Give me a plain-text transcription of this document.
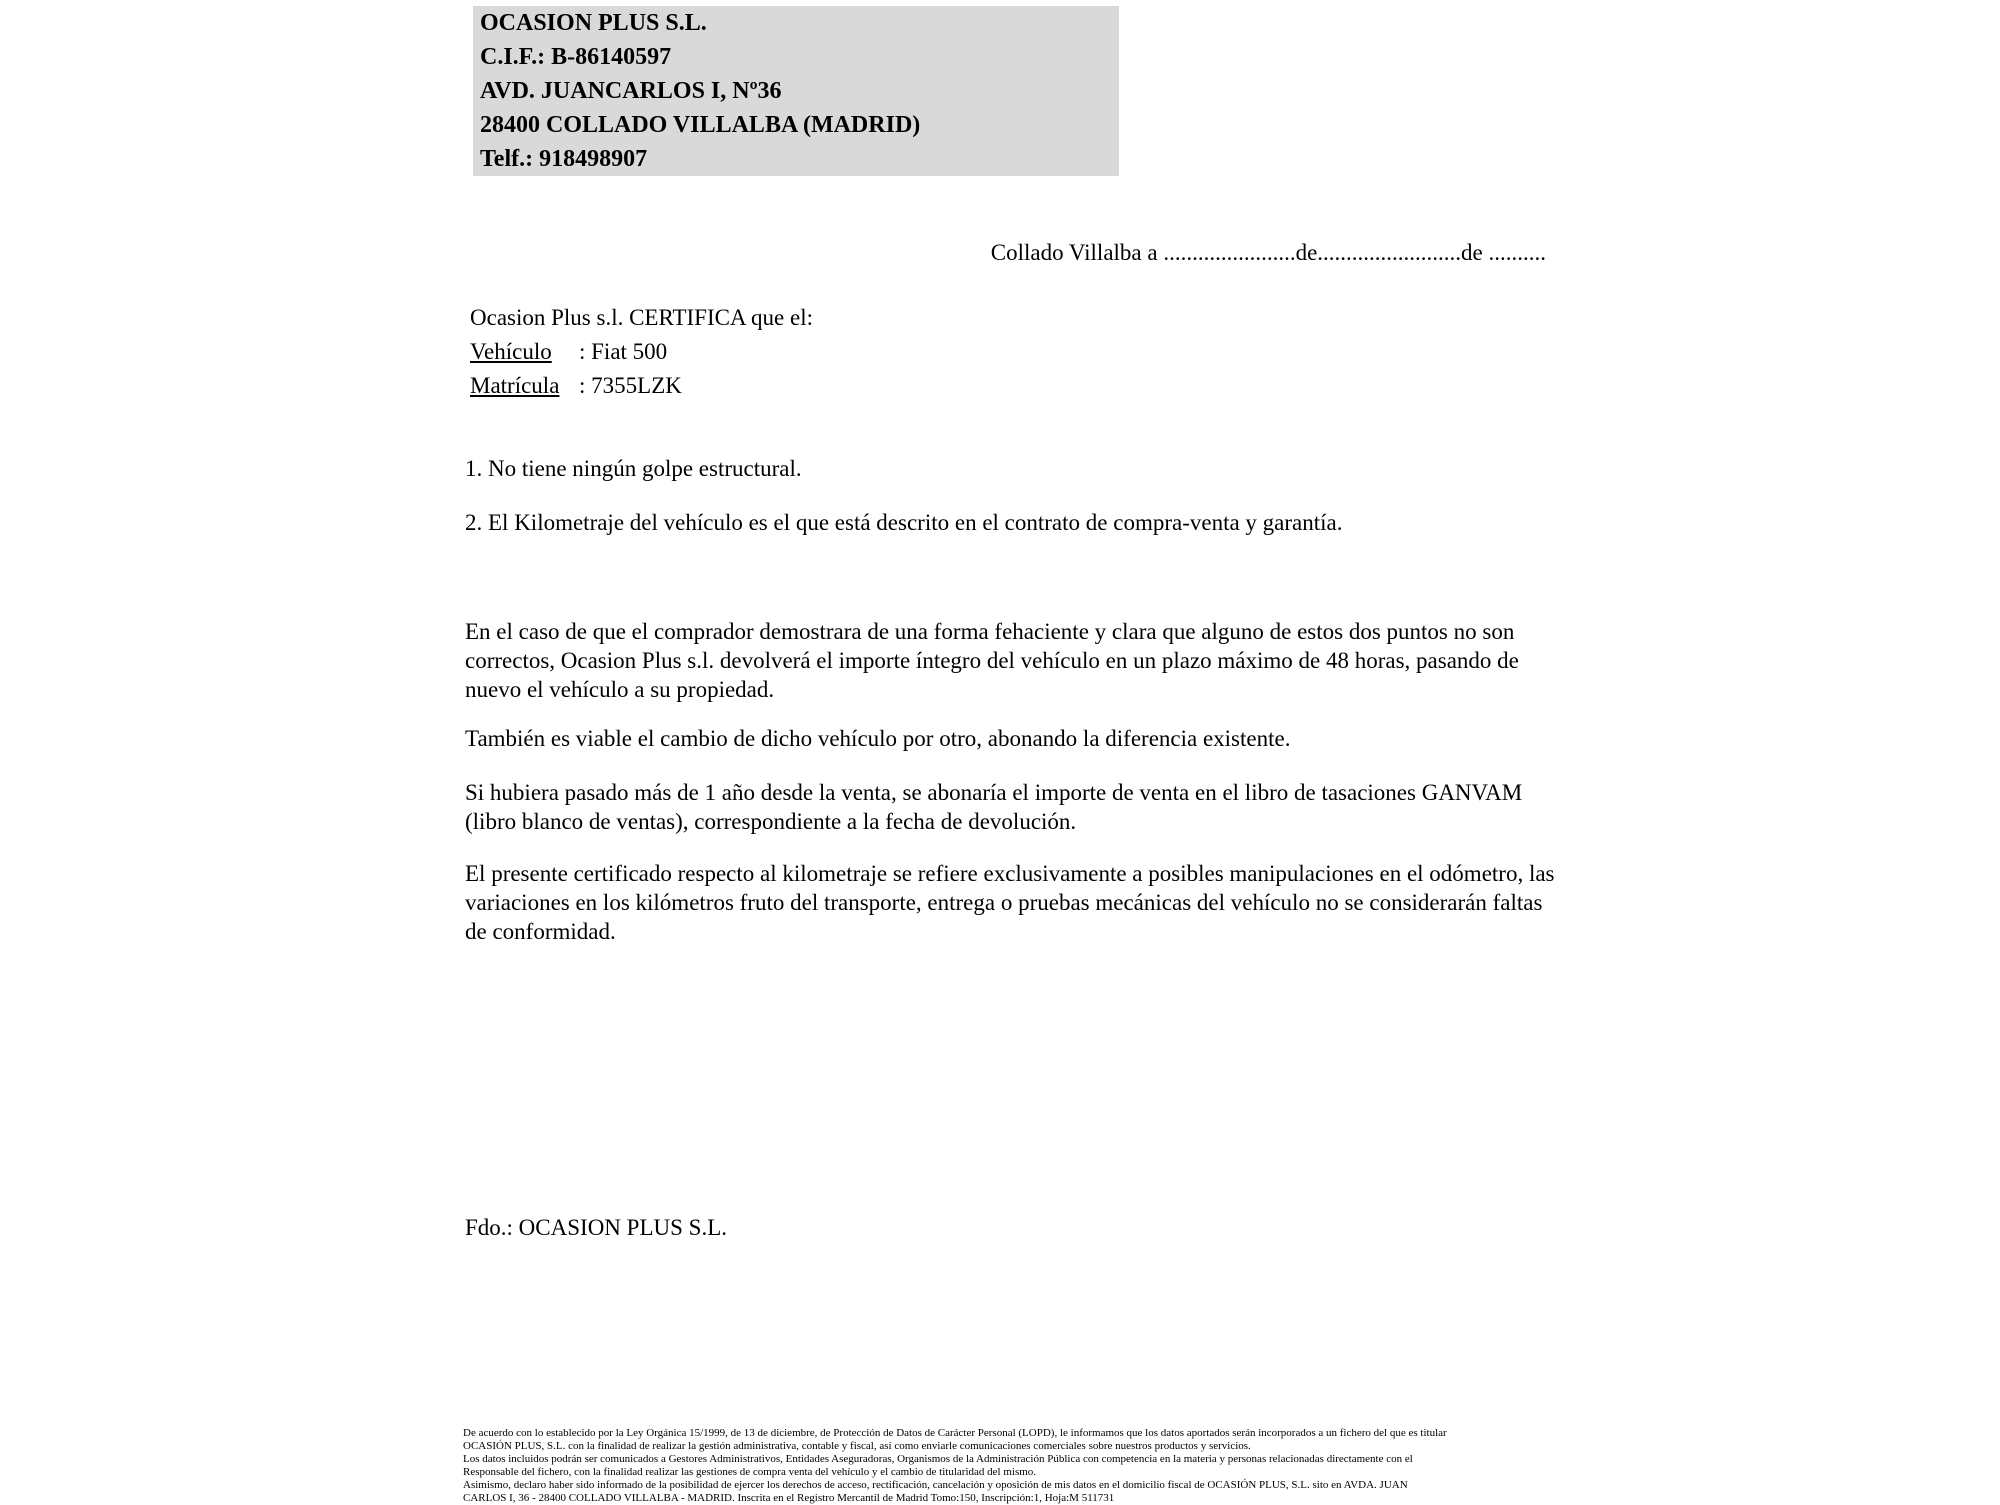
OCASION PLUS S.L.
C.I.F.: B-86140597
AVD. JUANCARLOS I, Nº36
28400 COLLADO VILLALBA (MADRID)
Telf.: 918498907
Collado Villalba a .......................de.........................de ..........
Ocasion Plus s.l. CERTIFICA que el:
Vehículo : Fiat 500
Matrícula : 7355LZK
1. No tiene ningún golpe estructural.
2. El Kilometraje del vehículo es el que está descrito en el contrato de compra-venta y garantía.

En el caso de que el comprador demostrara de una forma fehaciente y clara que alguno de estos dos puntos no son correctos, Ocasion Plus s.l. devolverá el importe íntegro del vehículo en un plazo máximo de 48 horas, pasando de nuevo el vehículo a su propiedad.

También es viable el cambio de dicho vehículo por otro, abonando la diferencia existente.

Si hubiera pasado más de 1 año desde la venta, se abonaría el importe de venta en el libro de tasaciones GANVAM (libro blanco de ventas), correspondiente a la fecha de devolución.

El presente certificado respecto al kilometraje se refiere exclusivamente a posibles manipulaciones en el odómetro, las variaciones en los kilómetros fruto del transporte, entrega o pruebas mecánicas del vehículo no se considerarán faltas de conformidad.

Fdo.: OCASION PLUS S.L.
De acuerdo con lo establecido por la Ley Orgánica 15/1999, de 13 de diciembre, de Protección de Datos de Carácter Personal (LOPD), le informamos que los datos aportados serán incorporados a un fichero del que es titular
OCASIÓN PLUS, S.L. con la finalidad de realizar la gestión administrativa, contable y fiscal, así como enviarle comunicaciones comerciales sobre nuestros productos y servicios.
Los datos incluidos podrán ser comunicados a Gestores Administrativos, Entidades Aseguradoras, Organismos de la Administración Pública con competencia en la materia y personas relacionadas directamente con el
Responsable del fichero, con la finalidad realizar las gestiones de compra venta del vehículo y el cambio de titularidad del mismo.
Asimismo, declaro haber sido informado de la posibilidad de ejercer los derechos de acceso, rectificación, cancelación y oposición de mis datos en el domicilio fiscal de OCASIÓN PLUS, S.L. sito en AVDA. JUAN
CARLOS I, 36 - 28400 COLLADO VILLALBA - MADRID. Inscrita en el Registro Mercantil de Madrid Tomo:150, Inscripción:1, Hoja:M 511731
